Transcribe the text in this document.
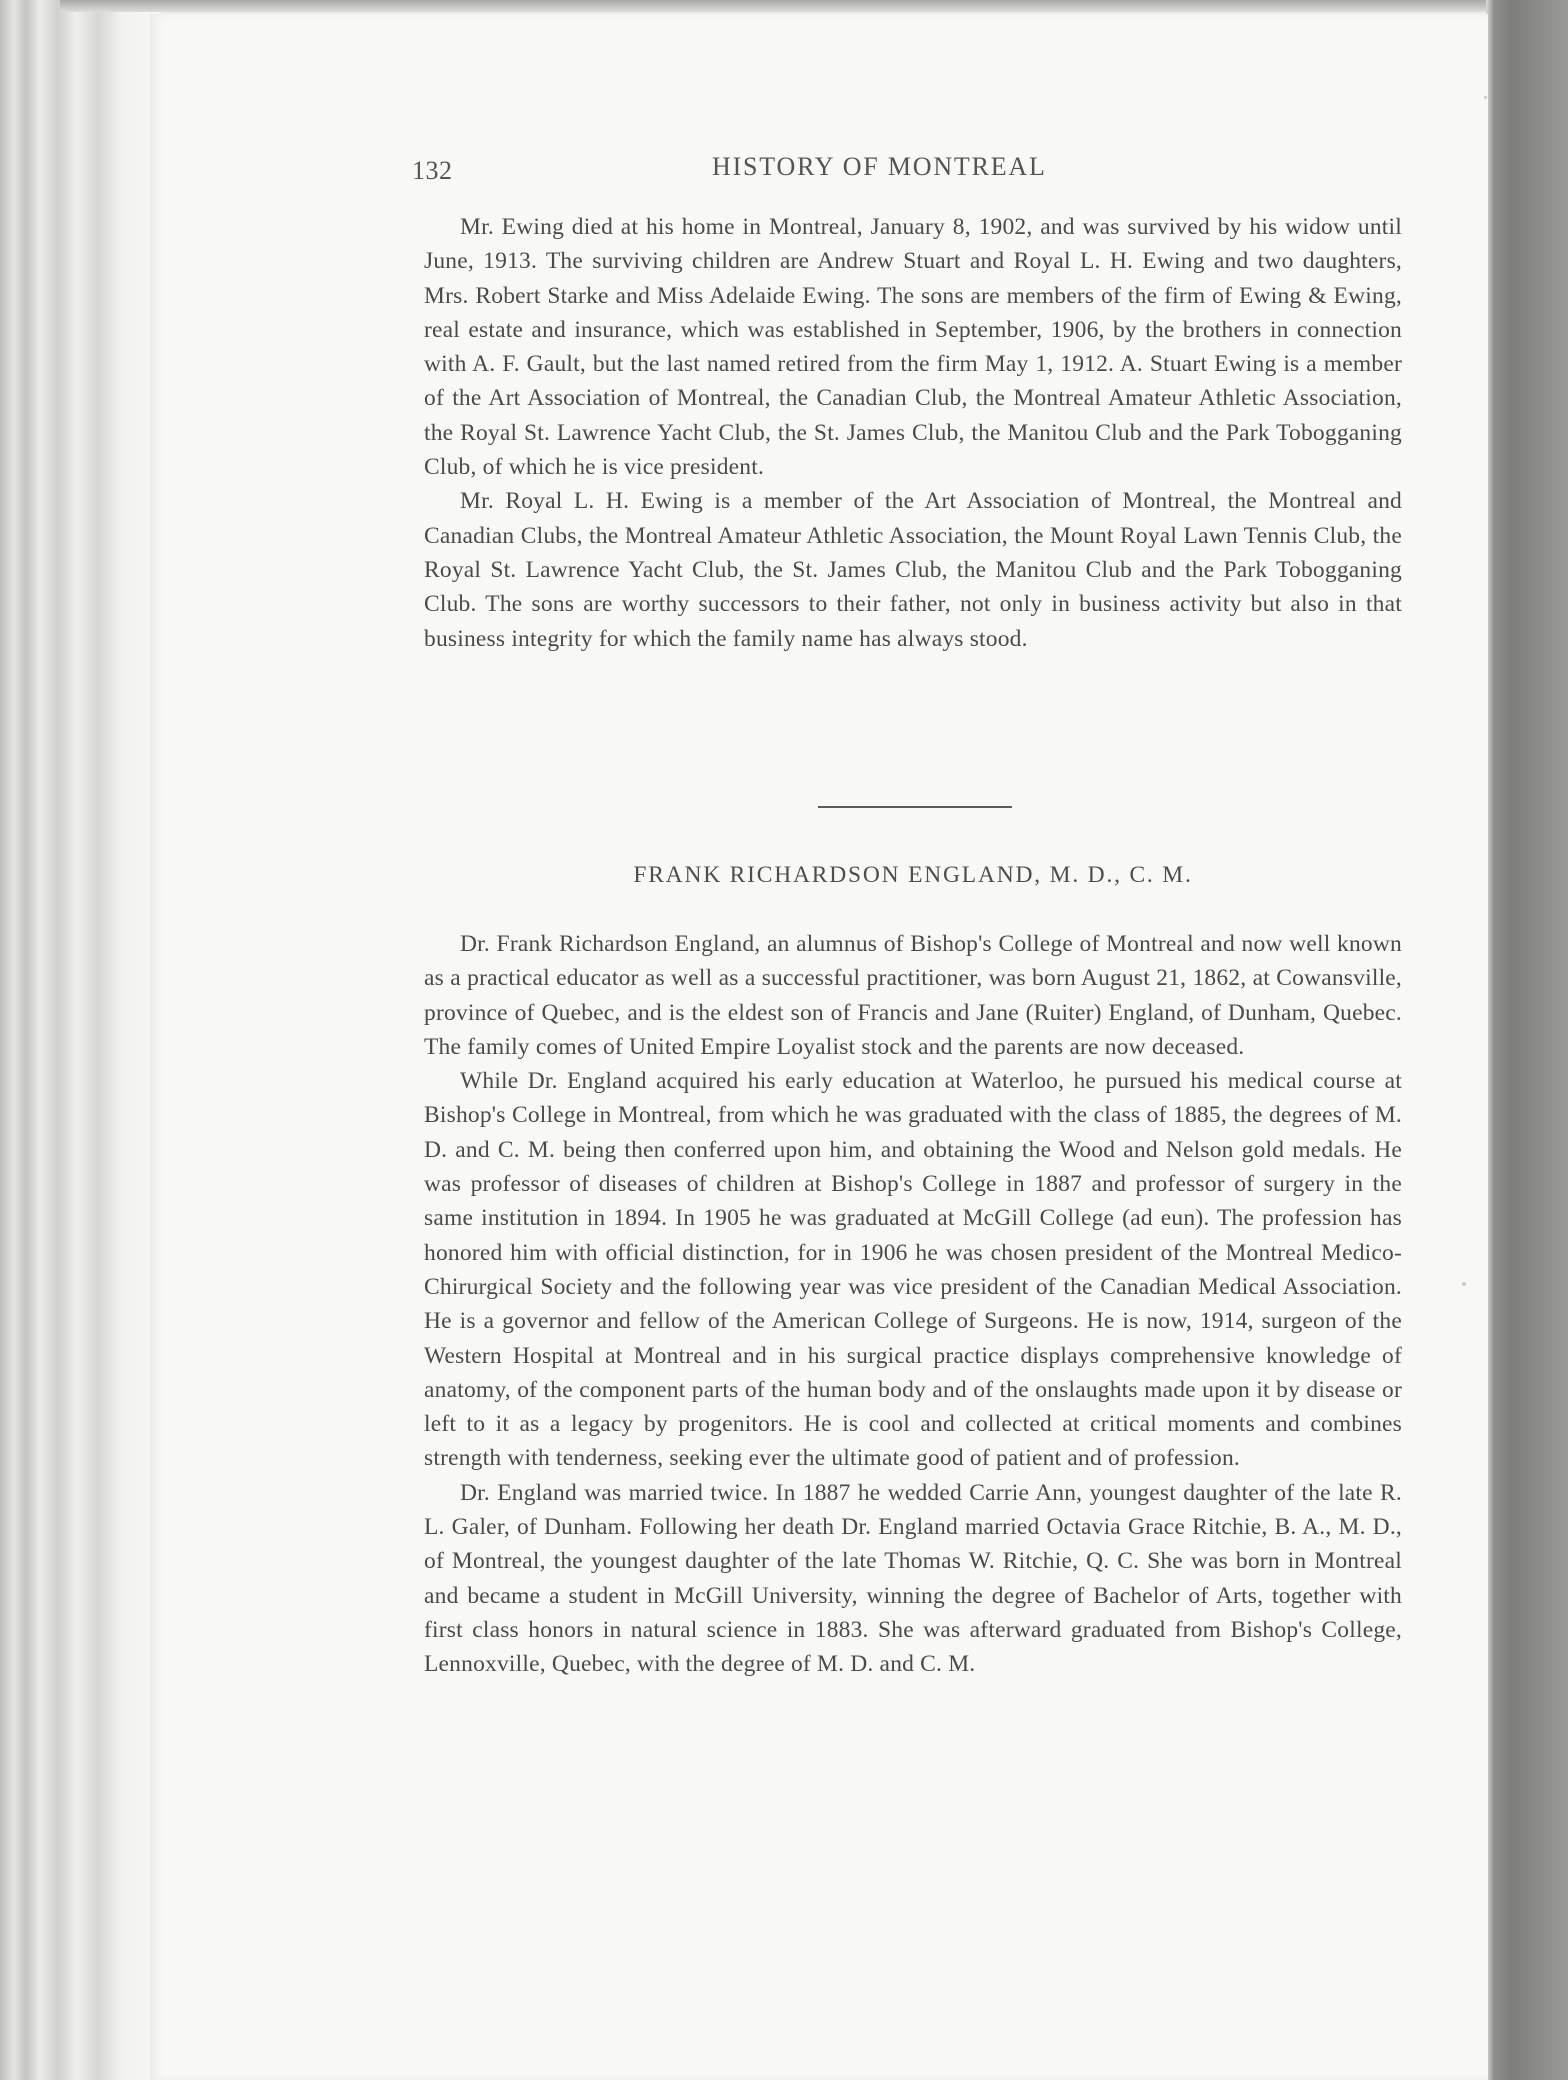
132	HISTORY OF MONTREAL

Mr. Ewing died at his home in Montreal, January 8, 1902, and was survived by his widow until June, 1913. The surviving children are Andrew Stuart and Royal L. H. Ewing and two daughters, Mrs. Robert Starke and Miss Adelaide Ewing. The sons are members of the firm of Ewing & Ewing, real estate and insurance, which was established in September, 1906, by the brothers in connection with A. F. Gault, but the last named retired from the firm May 1, 1912. A. Stuart Ewing is a member of the Art Association of Montreal, the Canadian Club, the Montreal Amateur Athletic Association, the Royal St. Lawrence Yacht Club, the St. James Club, the Manitou Club and the Park Tobogganing Club, of which he is vice president.

Mr. Royal L. H. Ewing is a member of the Art Association of Montreal, the Montreal and Canadian Clubs, the Montreal Amateur Athletic Association, the Mount Royal Lawn Tennis Club, the Royal St. Lawrence Yacht Club, the St. James Club, the Manitou Club and the Park Tobogganing Club. The sons are worthy successors to their father, not only in business activity but also in that business integrity for which the family name has always stood.

FRANK RICHARDSON ENGLAND, M. D., C. M.

Dr. Frank Richardson England, an alumnus of Bishop's College of Montreal and now well known as a practical educator as well as a successful practitioner, was born August 21, 1862, at Cowansville, province of Quebec, and is the eldest son of Francis and Jane (Ruiter) England, of Dunham, Quebec. The family comes of United Empire Loyalist stock and the parents are now deceased.

While Dr. England acquired his early education at Waterloo, he pursued his medical course at Bishop's College in Montreal, from which he was graduated with the class of 1885, the degrees of M. D. and C. M. being then conferred upon him, and obtaining the Wood and Nelson gold medals. He was professor of diseases of children at Bishop's College in 1887 and professor of surgery in the same institution in 1894. In 1905 he was graduated at McGill College (ad eun). The profession has honored him with official distinction, for in 1906 he was chosen president of the Montreal Medico-Chirurgical Society and the following year was vice president of the Canadian Medical Association. He is a governor and fellow of the American College of Surgeons. He is now, 1914, surgeon of the Western Hospital at Montreal and in his surgical practice displays comprehensive knowledge of anatomy, of the component parts of the human body and of the onslaughts made upon it by disease or left to it as a legacy by progenitors. He is cool and collected at critical moments and combines strength with tenderness, seeking ever the ultimate good of patient and of profession.

Dr. England was married twice. In 1887 he wedded Carrie Ann, youngest daughter of the late R. L. Galer, of Dunham. Following her death Dr. England married Octavia Grace Ritchie, B. A., M. D., of Montreal, the youngest daughter of the late Thomas W. Ritchie, Q. C. She was born in Montreal and became a student in McGill University, winning the degree of Bachelor of Arts, together with first class honors in natural science in 1883. She was afterward graduated from Bishop's College, Lennoxville, Quebec, with the degree of M. D. and C. M.
